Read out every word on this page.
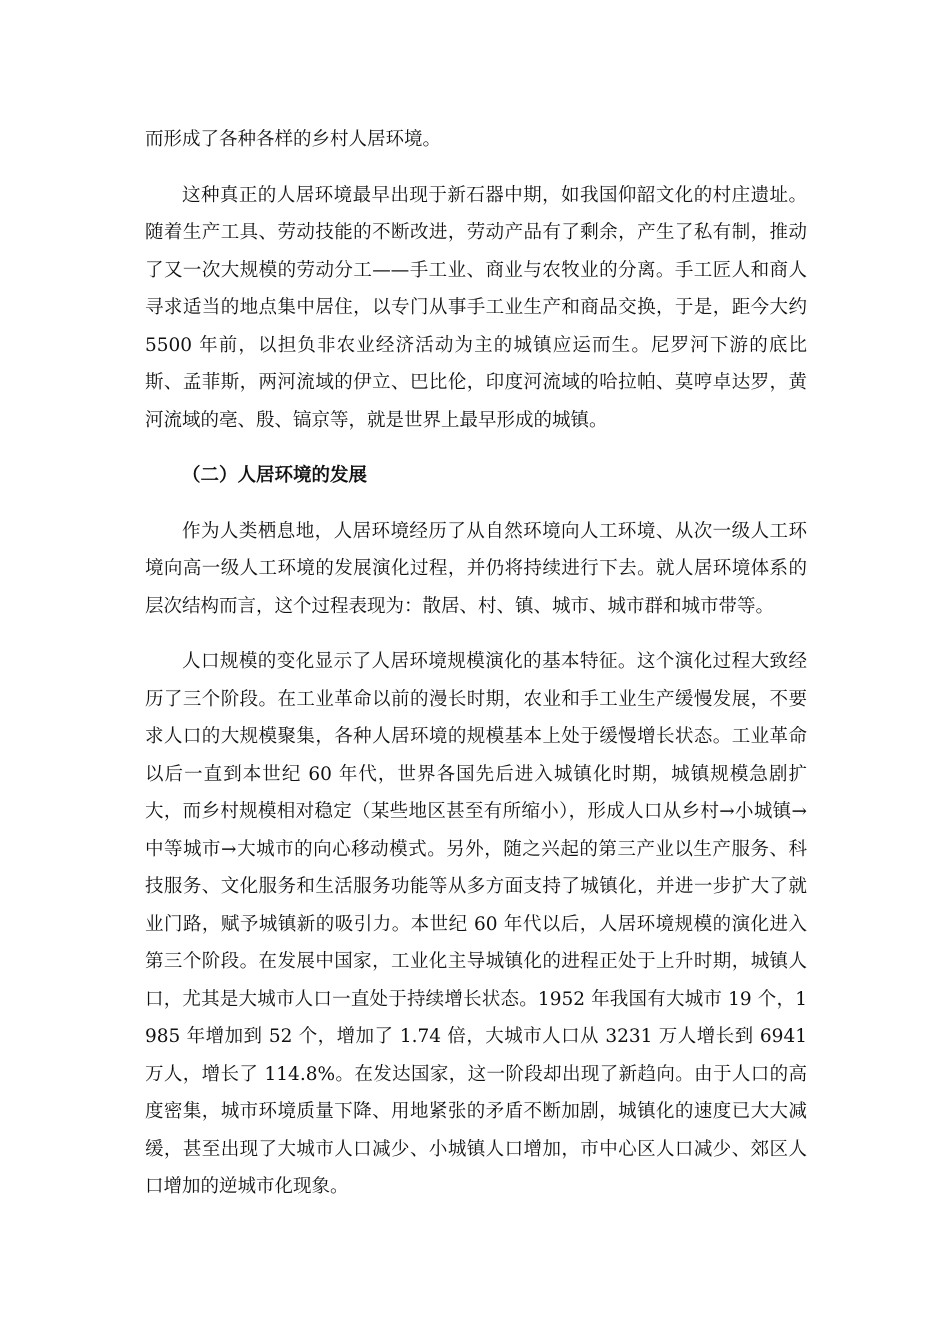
而形成了各种各样的乡村人居环境。

这种真正的人居环境最早出现于新石器中期，如我国仰韶文化的村庄遗址。随着生产工具、劳动技能的不断改进，劳动产品有了剩余，产生了私有制，推动了又一次大规模的劳动分工——手工业、商业与农牧业的分离。手工匠人和商人寻求适当的地点集中居住，以专门从事手工业生产和商品交换，于是，距今大约 5500 年前，以担负非农业经济活动为主的城镇应运而生。尼罗河下游的底比斯、孟菲斯，两河流域的伊立、巴比伦，印度河流域的哈拉帕、莫哼卓达罗，黄河流域的亳、殷、镐京等，就是世界上最早形成的城镇。

（二）人居环境的发展

作为人类栖息地，人居环境经历了从自然环境向人工环境、从次一级人工环境向高一级人工环境的发展演化过程，并仍将持续进行下去。就人居环境体系的层次结构而言，这个过程表现为：散居、村、镇、城市、城市群和城市带等。

人口规模的变化显示了人居环境规模演化的基本特征。这个演化过程大致经历了三个阶段。在工业革命以前的漫长时期，农业和手工业生产缓慢发展，不要求人口的大规模聚集，各种人居环境的规模基本上处于缓慢增长状态。工业革命以后一直到本世纪 60 年代，世界各国先后进入城镇化时期，城镇规模急剧扩大，而乡村规模相对稳定（某些地区甚至有所缩小），形成人口从乡村→小城镇→中等城市→大城市的向心移动模式。另外，随之兴起的第三产业以生产服务、科技服务、文化服务和生活服务功能等从多方面支持了城镇化，并进一步扩大了就业门路，赋予城镇新的吸引力。本世纪 60 年代以后，人居环境规模的演化进入第三个阶段。在发展中国家，工业化主导城镇化的进程正处于上升时期，城镇人口，尤其是大城市人口一直处于持续增长状态。1952 年我国有大城市 19 个，1985 年增加到 52 个，增加了 1.74 倍，大城市人口从 3231 万人增长到 6941 万人，增长了 114.8%。在发达国家，这一阶段却出现了新趋向。由于人口的高度密集，城市环境质量下降、用地紧张的矛盾不断加剧，城镇化的速度已大大减缓，甚至出现了大城市人口减少、小城镇人口增加，市中心区人口减少、郊区人口增加的逆城市化现象。
